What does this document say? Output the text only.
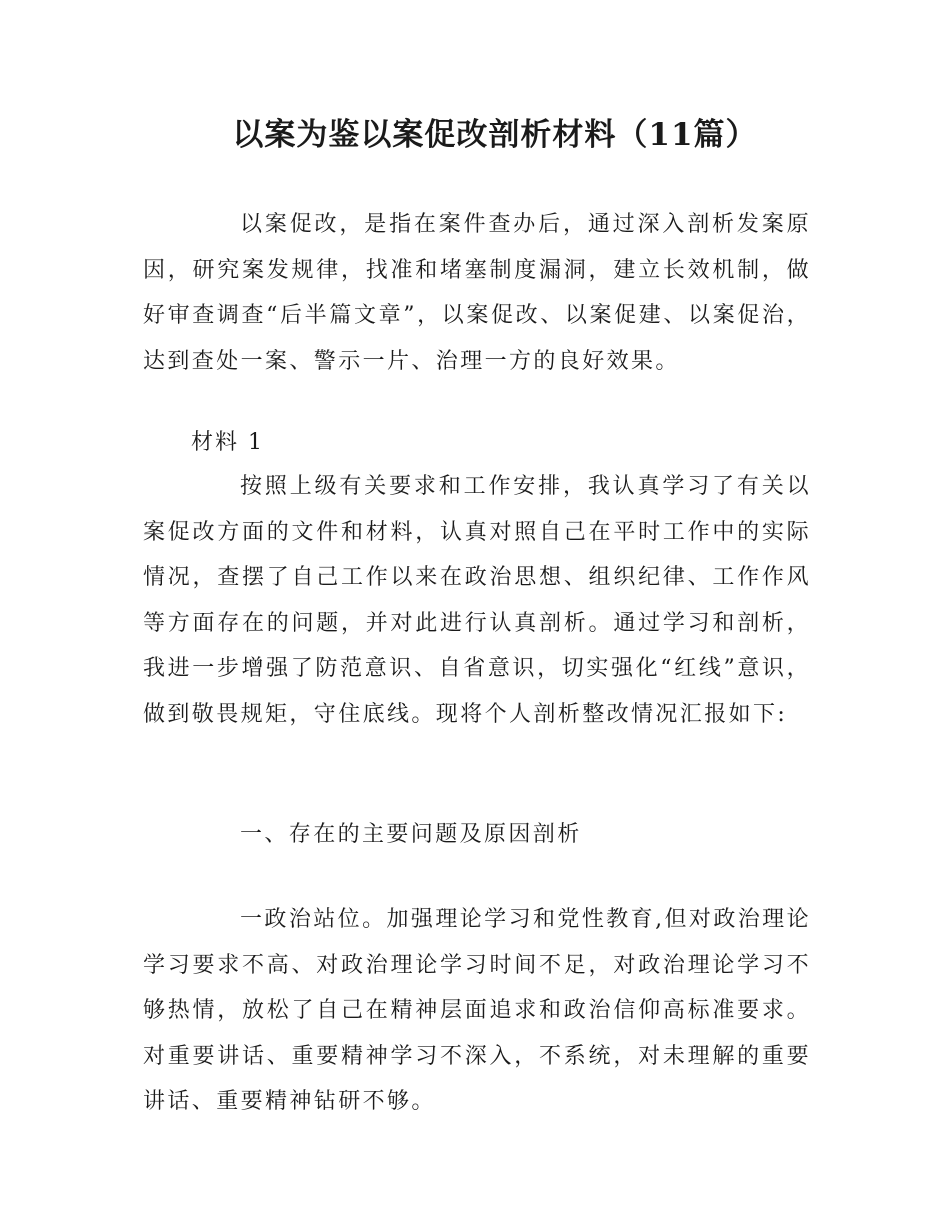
以案为鉴以案促改剖析材料（11篇）

以案促改，是指在案件查办后，通过深入剖析发案原因，研究案发规律，找准和堵塞制度漏洞，建立长效机制，做好审查调查“后半篇文章”，以案促改、以案促建、以案促治，达到查处一案、警示一片、治理一方的良好效果。

材料 1

按照上级有关要求和工作安排，我认真学习了有关以案促改方面的文件和材料，认真对照自己在平时工作中的实际情况，查摆了自己工作以来在政治思想、组织纪律、工作作风等方面存在的问题，并对此进行认真剖析。通过学习和剖析，我进一步增强了防范意识、自省意识，切实强化“红线”意识，做到敬畏规矩，守住底线。现将个人剖析整改情况汇报如下:

一、存在的主要问题及原因剖析

一政治站位。加强理论学习和党性教育,但对政治理论学习要求不高、对政治理论学习时间不足，对政治理论学习不够热情，放松了自己在精神层面追求和政治信仰高标准要求。对重要讲话、重要精神学习不深入，不系统，对未理解的重要讲话、重要精神钻研不够。
